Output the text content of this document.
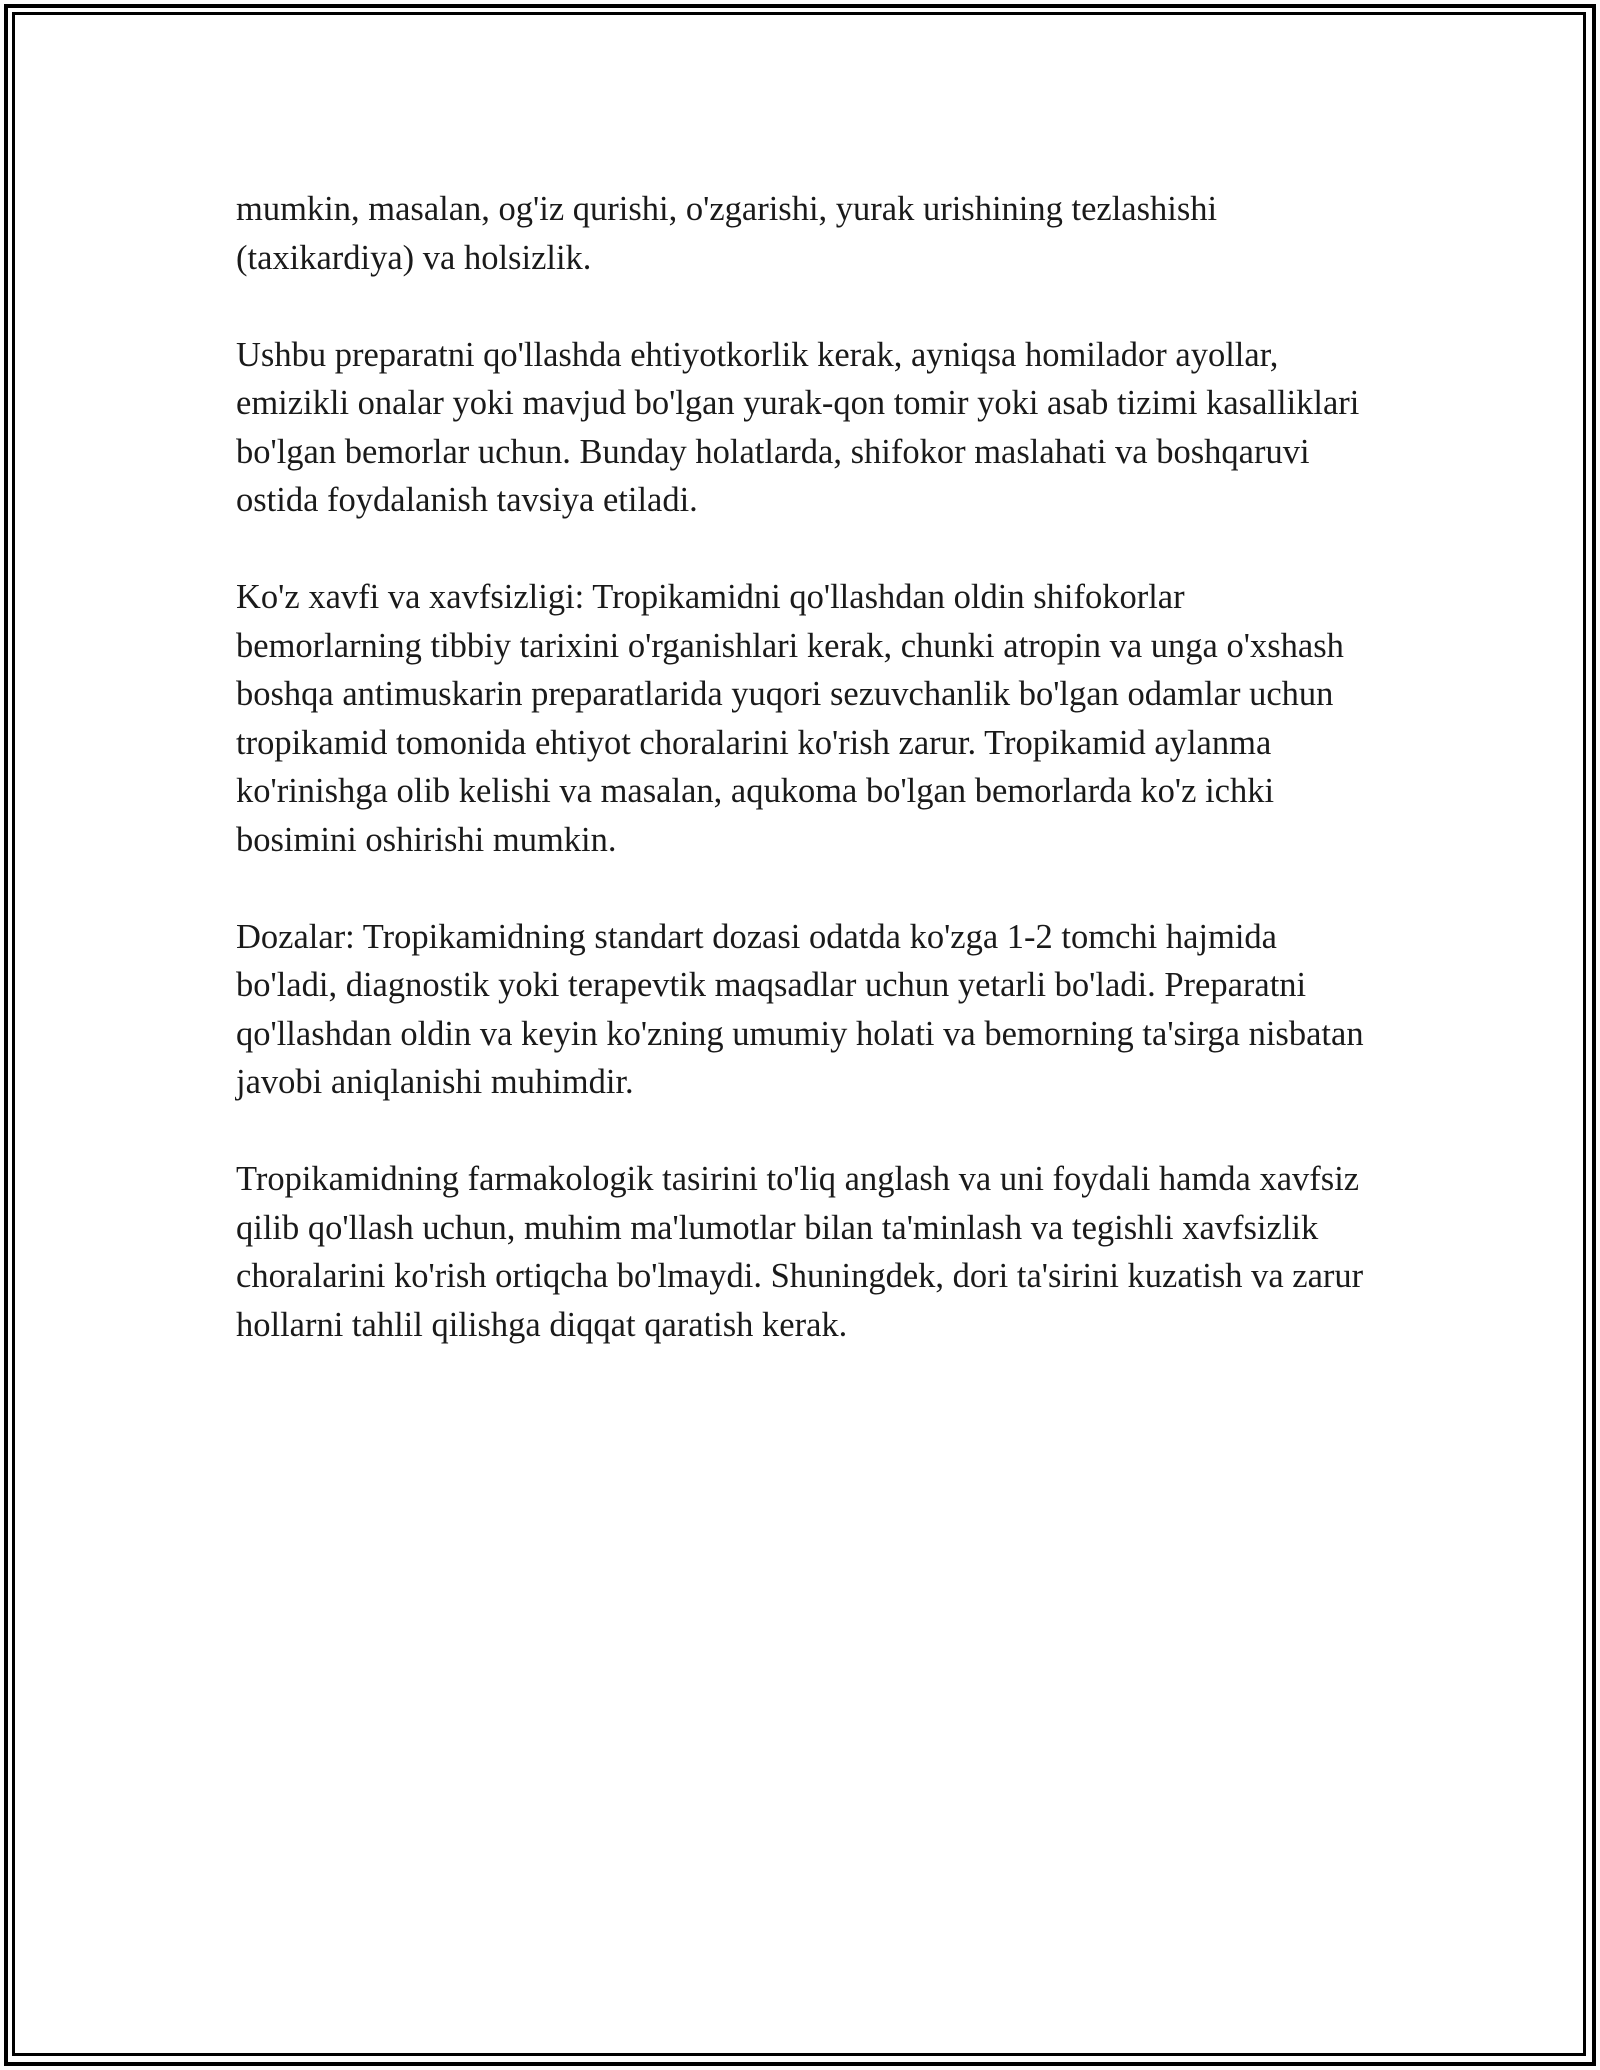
mumkin, masalan, og'iz qurishi, o'zgarishi, yurak urishining tezlashishi (taxikardiya) va holsizlik.

Ushbu preparatni qo'llashda ehtiyotkorlik kerak, ayniqsa homilador ayollar, emizikli onalar yoki mavjud bo'lgan yurak-qon tomir yoki asab tizimi kasalliklari bo'lgan bemorlar uchun. Bunday holatlarda, shifokor maslahati va boshqaruvi ostida foydalanish tavsiya etiladi.

Ko'z xavfi va xavfsizligi: Tropikamidni qo'llashdan oldin shifokorlar bemorlarning tibbiy tarixini o'rganishlari kerak, chunki atropin va unga o'xshash boshqa antimuskarin preparatlarida yuqori sezuvchanlik bo'lgan odamlar uchun tropikamid tomonida ehtiyot choralarini ko'rish zarur. Tropikamid aylanma ko'rinishga olib kelishi va masalan, aqukoma bo'lgan bemorlarda ko'z ichki bosimini oshirishi mumkin.

Dozalar: Tropikamidning standart dozasi odatda ko'zga 1-2 tomchi hajmida bo'ladi, diagnostik yoki terapevtik maqsadlar uchun yetarli bo'ladi. Preparatni qo'llashdan oldin va keyin ko'zning umumiy holati va bemorning ta'sirga nisbatan javobi aniqlanishi muhimdir.

Tropikamidning farmakologik tasirini to'liq anglash va uni foydali hamda xavfsiz qilib qo'llash uchun, muhim ma'lumotlar bilan ta'minlash va tegishli xavfsizlik choralarini ko'rish ortiqcha bo'lmaydi. Shuningdek, dori ta'sirini kuzatish va zarur hollarni tahlil qilishga diqqat qaratish kerak.
